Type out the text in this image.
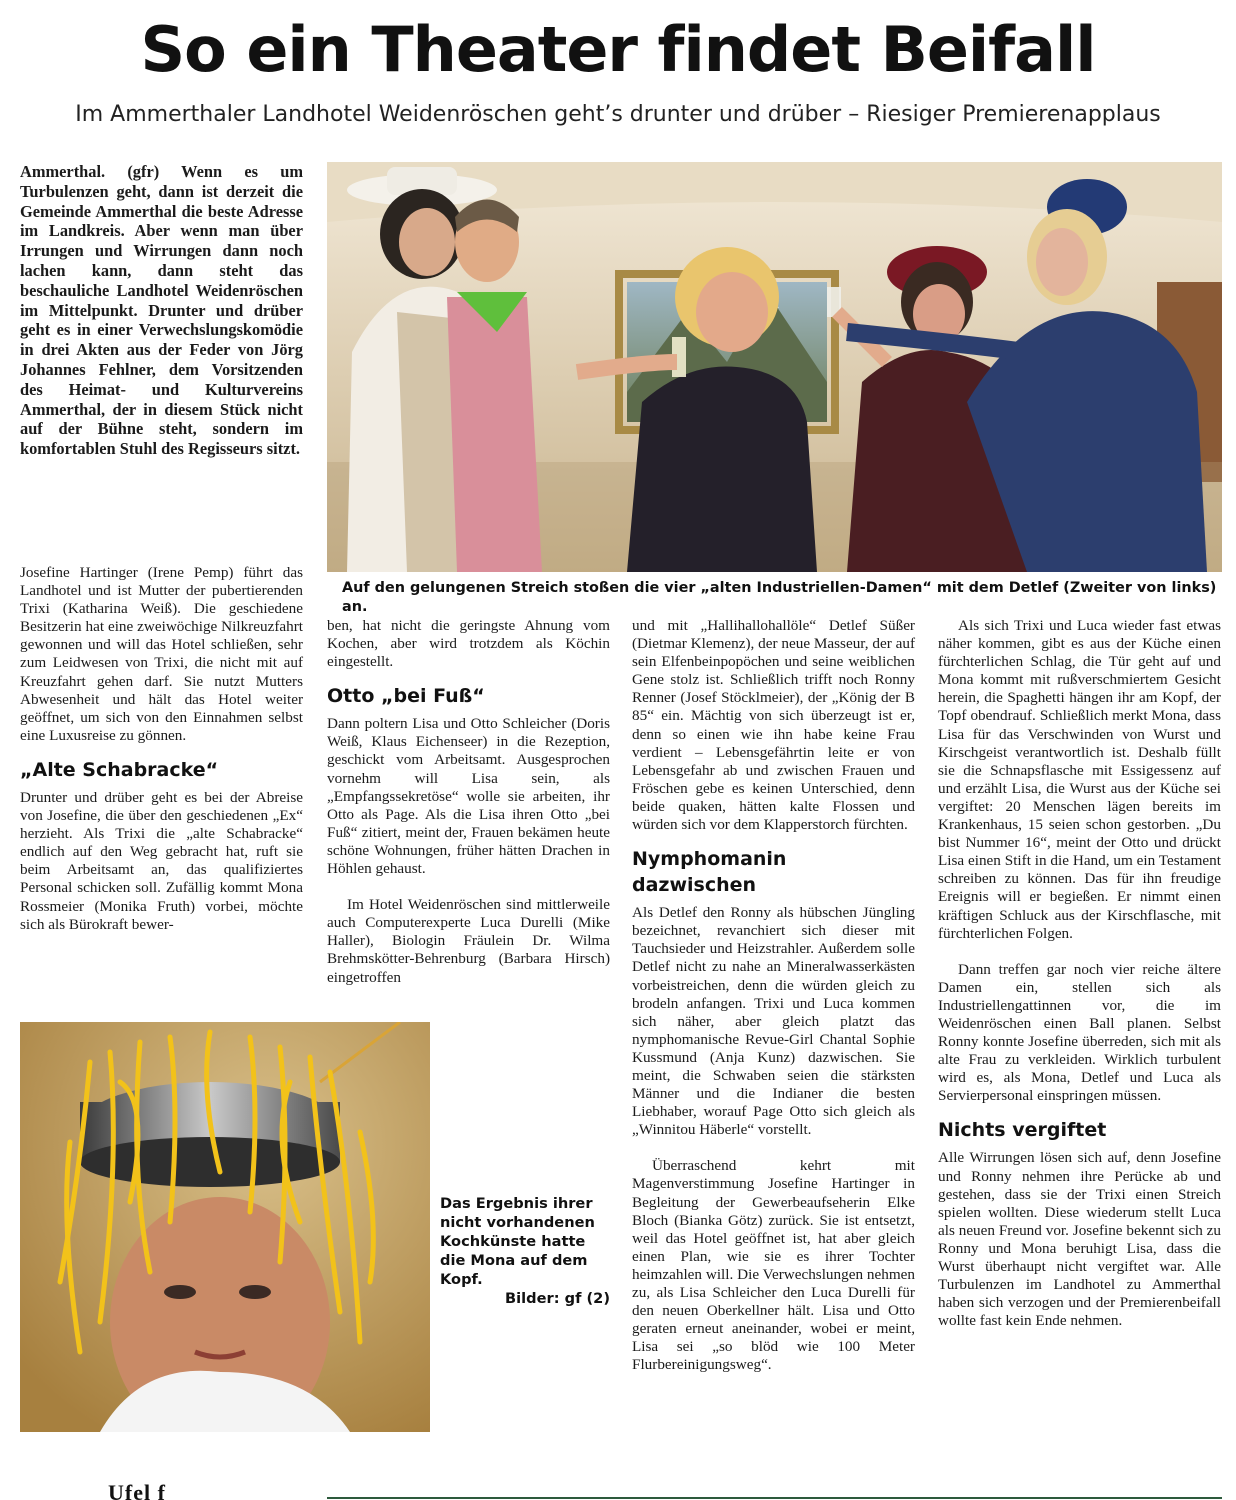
So ein Theater findet Beifall

Im Ammerthaler Landhotel Weidenröschen geht’s drunter und drüber – Riesiger Premierenapplaus

Ammerthal. (gfr) Wenn es um Turbulenzen geht, dann ist derzeit die Gemeinde Ammerthal die beste Adresse im Landkreis. Aber wenn man über Irrungen und Wirrungen dann noch lachen kann, dann steht das beschauliche Landhotel Weidenröschen im Mittelpunkt. Drunter und drüber geht es in einer Verwechslungskomödie in drei Akten aus der Feder von Jörg Johannes Fehlner, dem Vorsitzenden des Heimat- und Kulturvereins Ammerthal, der in diesem Stück nicht auf der Bühne steht, sondern im komfortablen Stuhl des Regisseurs sitzt.

Josefine Hartinger (Irene Pemp) führt das Landhotel und ist Mutter der pubertierenden Trixi (Katharina Weiß). Die geschiedene Besitzerin hat eine zweiwöchige Nilkreuzfahrt gewonnen und will das Hotel schließen, sehr zum Leidwesen von Trixi, die nicht mit auf Kreuzfahrt gehen darf. Sie nutzt Mutters Abwesenheit und hält das Hotel weiter geöffnet, um sich von den Einnahmen selbst eine Luxusreise zu gönnen.

„Alte Schabracke“

Drunter und drüber geht es bei der Abreise von Josefine, die über den geschiedenen „Ex“ herzieht. Als Trixi die „alte Schabracke“ endlich auf den Weg gebracht hat, ruft sie beim Arbeitsamt an, das qualifiziertes Personal schicken soll. Zufällig kommt Mona Rossmeier (Monika Fruth) vorbei, möchte sich als Bürokraft bewer-

Auf den gelungenen Streich stoßen die vier „alten Industriellen-Damen“ mit dem Detlef (Zweiter von links) an.

ben, hat nicht die geringste Ahnung vom Kochen, aber wird trotzdem als Köchin eingestellt.

Otto „bei Fuß“

Dann poltern Lisa und Otto Schleicher (Doris Weiß, Klaus Eichenseer) in die Rezeption, geschickt vom Arbeitsamt. Ausgesprochen vornehm will Lisa sein, als „Empfangssekretöse“ wolle sie arbeiten, ihr Otto als Page. Als die Lisa ihren Otto „bei Fuß“ zitiert, meint der, Frauen bekämen heute schöne Wohnungen, früher hätten Drachen in Höhlen gehaust.

Im Hotel Weidenröschen sind mittlerweile auch Computerexperte Luca Durelli (Mike Haller), Biologin Fräulein Dr. Wilma Brehmskötter-Behrenburg (Barbara Hirsch) eingetroffen

und mit „Hallihallohallöle“ Detlef Süßer (Dietmar Klemenz), der neue Masseur, der auf sein Elfenbeinpopöchen und seine weiblichen Gene stolz ist. Schließlich trifft noch Ronny Renner (Josef Stöcklmeier), der „König der B 85“ ein. Mächtig von sich überzeugt ist er, denn so einen wie ihn habe keine Frau verdient – Lebensgefährtin leite er von Lebensgefahr ab und zwischen Frauen und Fröschen gebe es keinen Unterschied, denn beide quaken, hätten kalte Flossen und würden sich vor dem Klapperstorch fürchten.

Nymphomanin dazwischen

Als Detlef den Ronny als hübschen Jüngling bezeichnet, revanchiert sich dieser mit Tauchsieder und Heizstrahler. Außerdem solle Detlef nicht zu nahe an Mineralwasserkästen vorbeistreichen, denn die würden gleich zu brodeln anfangen. Trixi und Luca kommen sich näher, aber gleich platzt das nymphomanische Revue-Girl Chantal Sophie Kussmund (Anja Kunz) dazwischen. Sie meint, die Schwaben seien die stärksten Männer und die Indianer die besten Liebhaber, worauf Page Otto sich gleich als „Winnitou Häberle“ vorstellt.

Überraschend kehrt mit Magenverstimmung Josefine Hartinger in Begleitung der Gewerbeaufseherin Elke Bloch (Bianka Götz) zurück. Sie ist entsetzt, weil das Hotel geöffnet ist, hat aber gleich einen Plan, wie sie es ihrer Tochter heimzahlen will. Die Verwechslungen nehmen zu, als Lisa Schleicher den Luca Durelli für den neuen Oberkellner hält. Lisa und Otto geraten erneut aneinander, wobei er meint, Lisa sei „so blöd wie 100 Meter Flurbereinigungsweg“.

Als sich Trixi und Luca wieder fast etwas näher kommen, gibt es aus der Küche einen fürchterlichen Schlag, die Tür geht auf und Mona kommt mit rußverschmiertem Gesicht herein, die Spaghetti hängen ihr am Kopf, der Topf obendrauf. Schließlich merkt Mona, dass Lisa für das Verschwinden von Wurst und Kirschgeist verantwortlich ist. Deshalb füllt sie die Schnapsflasche mit Essigessenz auf und erzählt Lisa, die Wurst aus der Küche sei vergiftet: 20 Menschen lägen bereits im Krankenhaus, 15 seien schon gestorben. „Du bist Nummer 16“, meint der Otto und drückt Lisa einen Stift in die Hand, um ein Testament schreiben zu können. Das für ihn freudige Ereignis will er begießen. Er nimmt einen kräftigen Schluck aus der Kirschflasche, mit fürchterlichen Folgen.

Dann treffen gar noch vier reiche ältere Damen ein, stellen sich als Industriellengattinnen vor, die im Weidenröschen einen Ball planen. Selbst Ronny konnte Josefine überreden, sich mit als alte Frau zu verkleiden. Wirklich turbulent wird es, als Mona, Detlef und Luca als Servierpersonal einspringen müssen.

Nichts vergiftet

Alle Wirrungen lösen sich auf, denn Josefine und Ronny nehmen ihre Perücke ab und gestehen, dass sie der Trixi einen Streich spielen wollten. Diese wiederum stellt Luca als neuen Freund vor. Josefine bekennt sich zu Ronny und Mona beruhigt Lisa, dass die Wurst überhaupt nicht vergiftet war. Alle Turbulenzen im Landhotel zu Ammerthal haben sich verzogen und der Premierenbeifall wollte fast kein Ende nehmen.

Das Ergebnis ihrer nicht vorhandenen Kochkünste hatte die Mona auf dem Kopf.

Bilder: gf (2)

Ufel f
